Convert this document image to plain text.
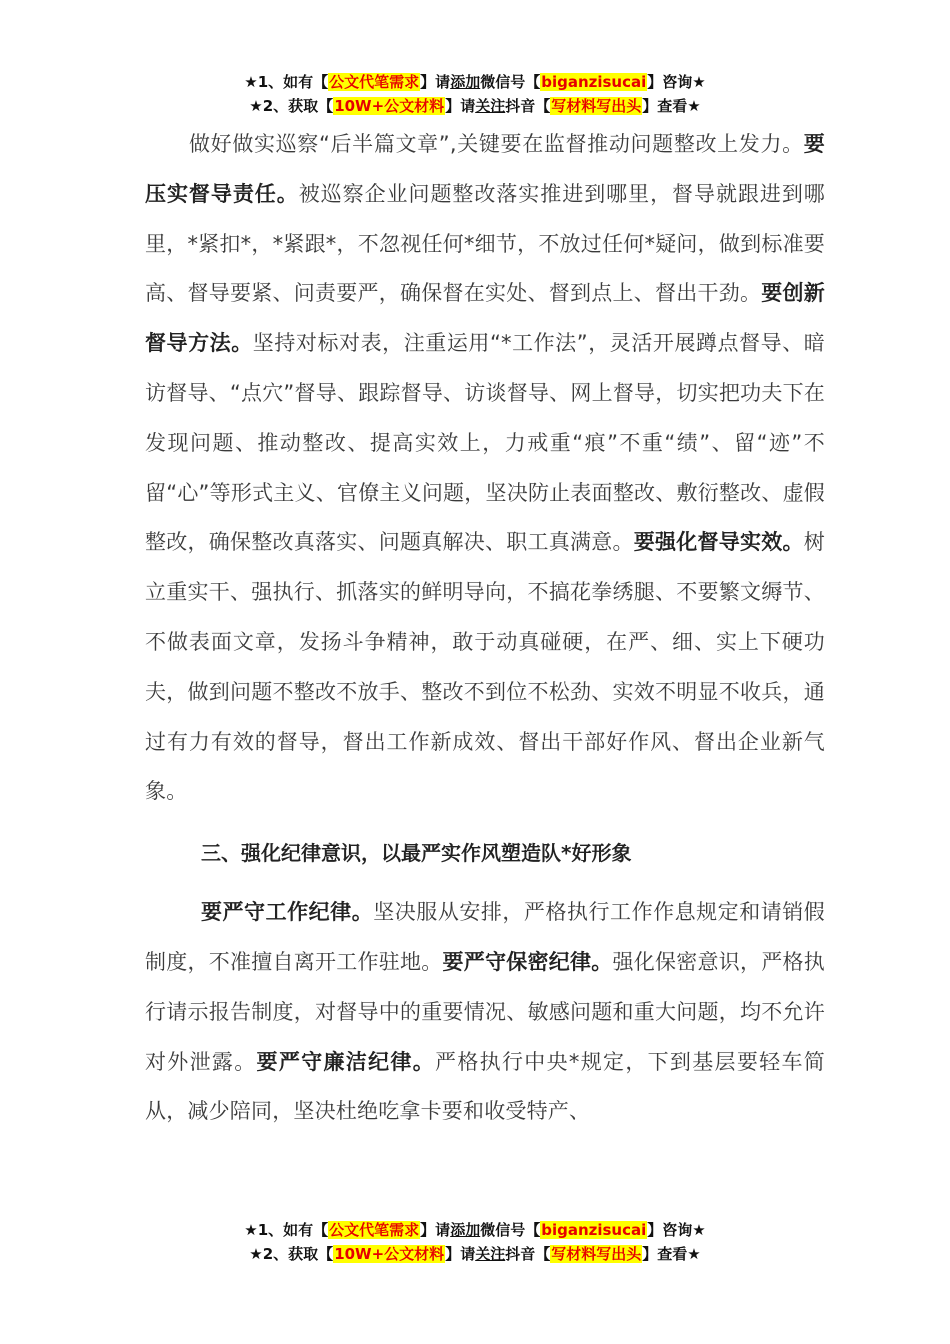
★1、如有【公文代笔需求】请添加微信号【biganzisucai】咨询★
★2、获取【10W+公文材料】请关注抖音【写材料写出头】查看★

做好做实巡察“后半篇文章”,关键要在监督推动问题整改上发力。要压实督导责任。被巡察企业问题整改落实推进到哪里，督导就跟进到哪里，*紧扣*，*紧跟*，不忽视任何*细节，不放过任何*疑问，做到标准要高、督导要紧、问责要严，确保督在实处、督到点上、督出干劲。要创新督导方法。坚持对标对表，注重运用“*工作法”，灵活开展蹲点督导、暗访督导、“点穴”督导、跟踪督导、访谈督导、网上督导，切实把功夫下在发现问题、推动整改、提高实效上，力戒重“痕”不重“绩”、留“迹”不留“心”等形式主义、官僚主义问题，坚决防止表面整改、敷衍整改、虚假整改，确保整改真落实、问题真解决、职工真满意。要强化督导实效。树立重实干、强执行、抓落实的鲜明导向，不搞花拳绣腿、不要繁文缛节、不做表面文章，发扬斗争精神，敢于动真碰硬，在严、细、实上下硬功夫，做到问题不整改不放手、整改不到位不松劲、实效不明显不收兵，通过有力有效的督导，督出工作新成效、督出干部好作风、督出企业新气象。

三、强化纪律意识，以最严实作风塑造队*好形象

要严守工作纪律。坚决服从安排，严格执行工作作息规定和请销假制度，不准擅自离开工作驻地。要严守保密纪律。强化保密意识，严格执行请示报告制度，对督导中的重要情况、敏感问题和重大问题，均不允许对外泄露。要严守廉洁纪律。严格执行中央*规定，下到基层要轻车简从，减少陪同，坚决杜绝吃拿卡要和收受特产、

★1、如有【公文代笔需求】请添加微信号【biganzisucai】咨询★
★2、获取【10W+公文材料】请关注抖音【写材料写出头】查看★
